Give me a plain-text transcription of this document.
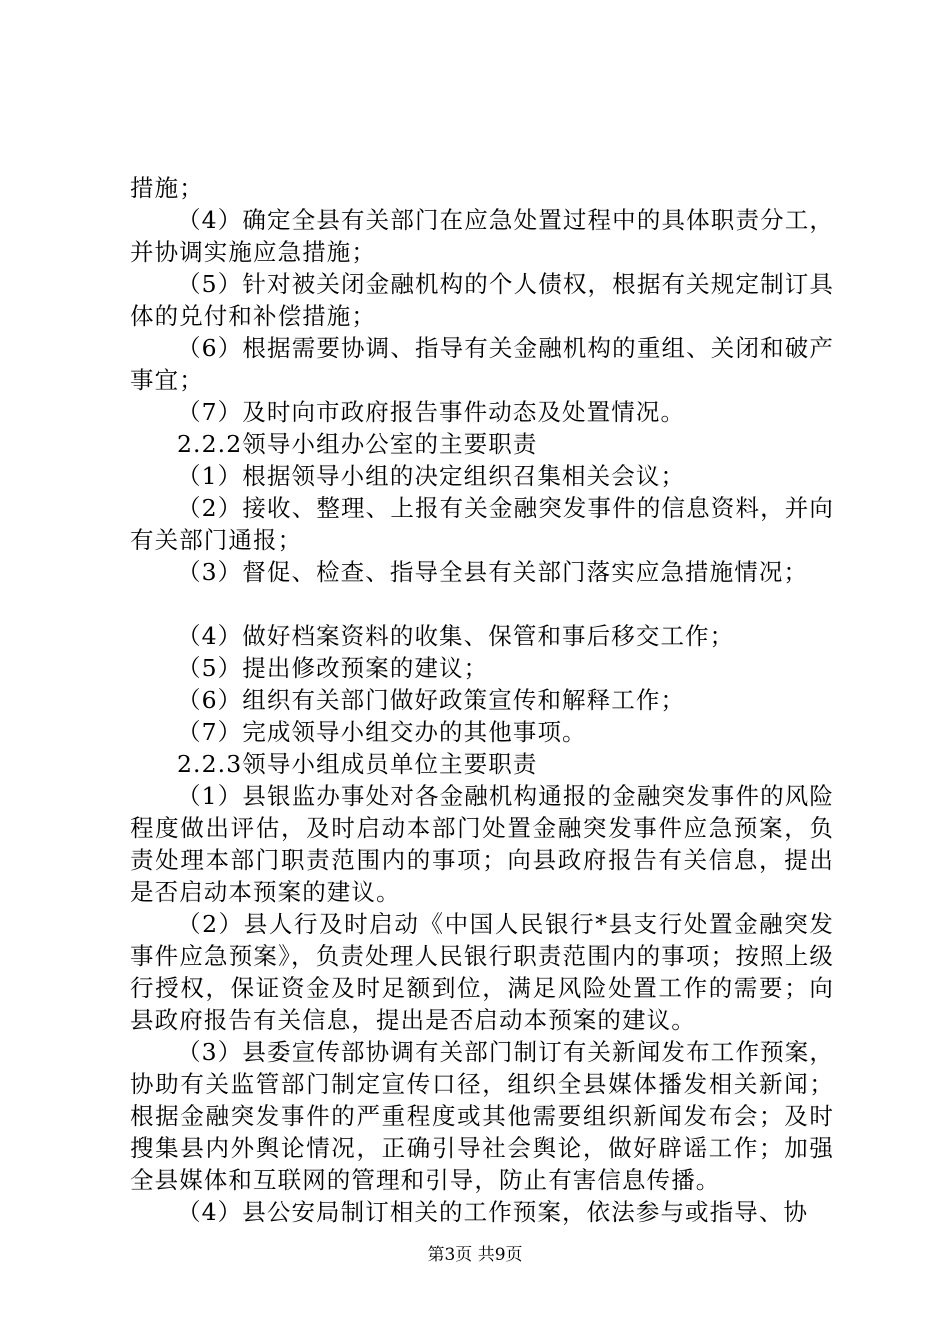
措施；

（4）确定全县有关部门在应急处置过程中的具体职责分工，并协调实施应急措施；

（5）针对被关闭金融机构的个人债权，根据有关规定制订具体的兑付和补偿措施；

（6）根据需要协调、指导有关金融机构的重组、关闭和破产事宜；

（7）及时向市政府报告事件动态及处置情况。

2.2.2领导小组办公室的主要职责

（1）根据领导小组的决定组织召集相关会议；

（2）接收、整理、上报有关金融突发事件的信息资料，并向有关部门通报；

（3）督促、检查、指导全县有关部门落实应急措施情况；

（4）做好档案资料的收集、保管和事后移交工作；

（5）提出修改预案的建议；

（6）组织有关部门做好政策宣传和解释工作；

（7）完成领导小组交办的其他事项。

2.2.3领导小组成员单位主要职责

（1）县银监办事处对各金融机构通报的金融突发事件的风险程度做出评估，及时启动本部门处置金融突发事件应急预案，负责处理本部门职责范围内的事项；向县政府报告有关信息，提出是否启动本预案的建议。

（2）县人行及时启动《中国人民银行*县支行处置金融突发事件应急预案》，负责处理人民银行职责范围内的事项；按照上级行授权，保证资金及时足额到位，满足风险处置工作的需要；向县政府报告有关信息，提出是否启动本预案的建议。

（3）县委宣传部协调有关部门制订有关新闻发布工作预案，协助有关监管部门制定宣传口径，组织全县媒体播发相关新闻；根据金融突发事件的严重程度或其他需要组织新闻发布会；及时搜集县内外舆论情况，正确引导社会舆论，做好辟谣工作；加强全县媒体和互联网的管理和引导，防止有害信息传播。

（4）县公安局制订相关的工作预案，依法参与或指导、协

第3页 共9页
